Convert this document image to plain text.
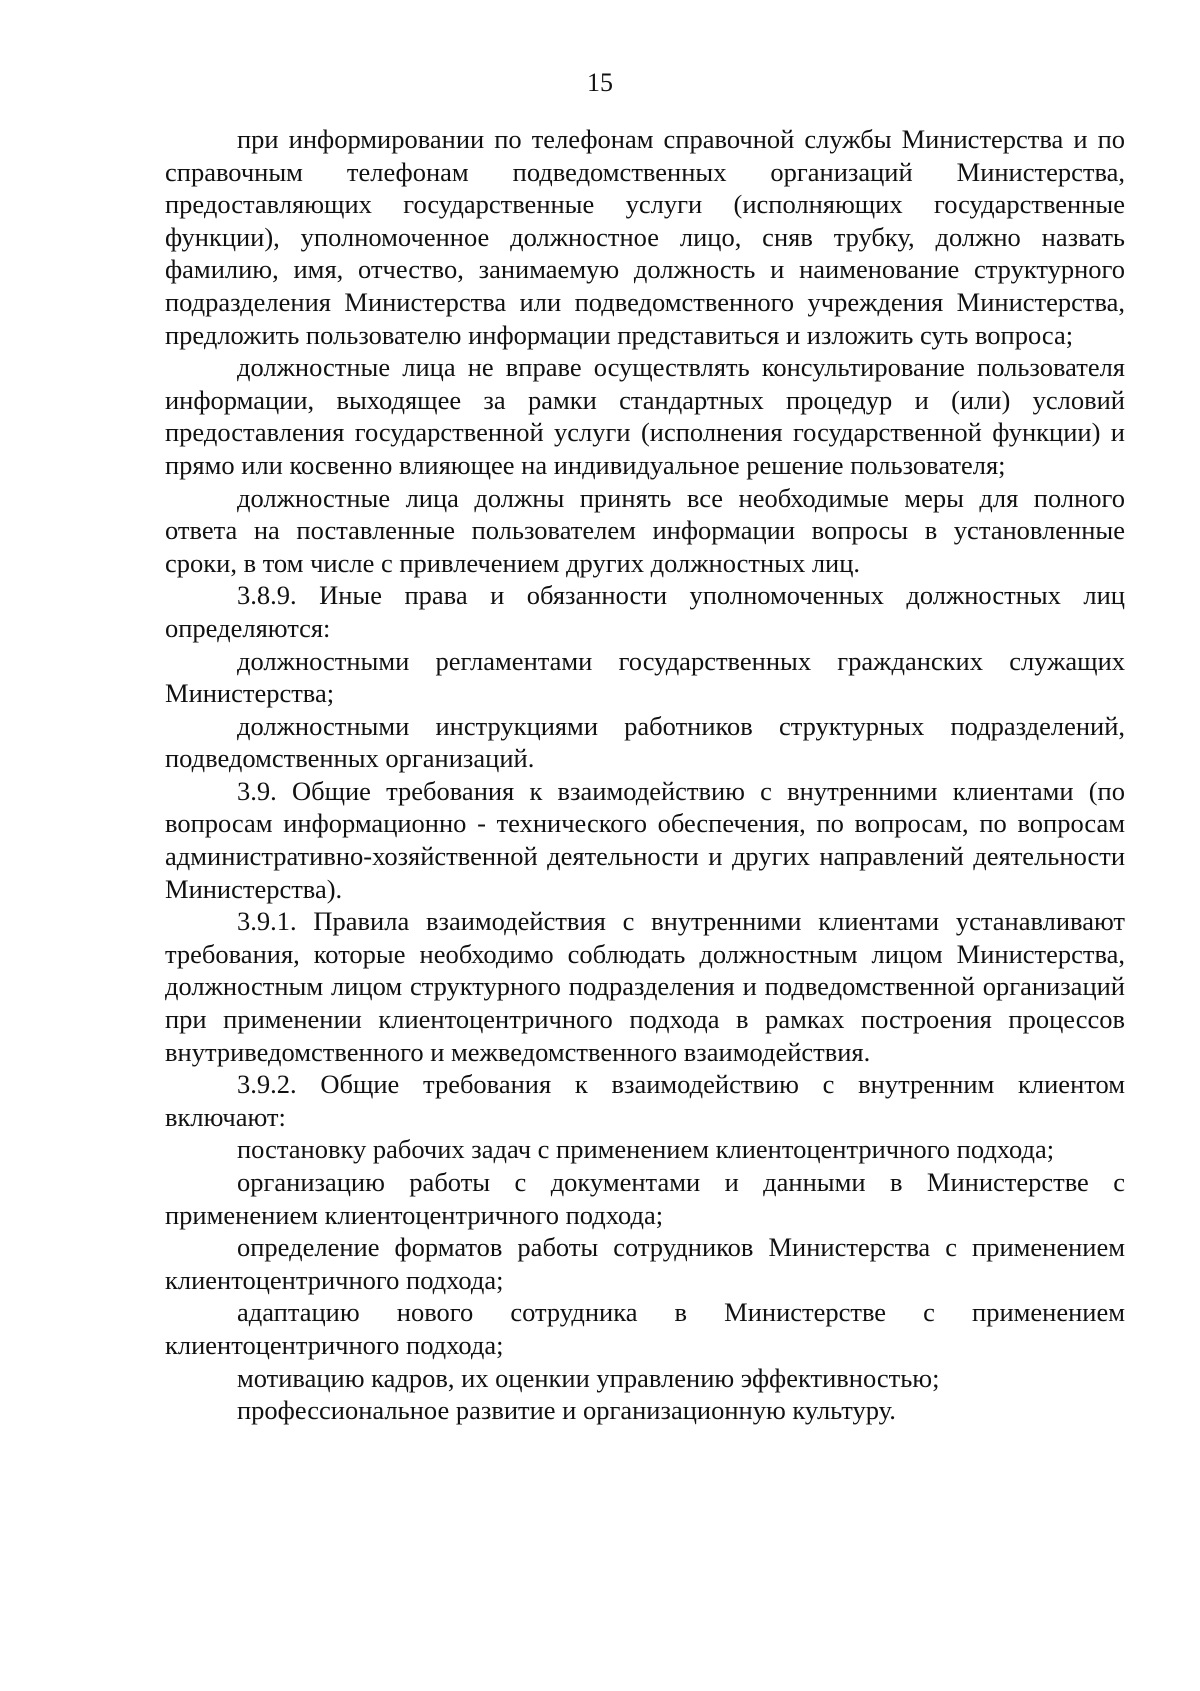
15

при информировании по телефонам справочной службы Министерства и по справочным телефонам подведомственных организаций Министерства, предоставляющих государственные услуги (исполняющих государственные функции), уполномоченное должностное лицо, сняв трубку, должно назвать фамилию, имя, отчество, занимаемую должность и наименование структурного подразделения Министерства или подведомственного учреждения Министерства, предложить пользователю информации представиться и изложить суть вопроса;

должностные лица не вправе осуществлять консультирование пользователя информации, выходящее за рамки стандартных процедур и (или) условий предоставления государственной услуги (исполнения государственной функции) и прямо или косвенно влияющее на индивидуальное решение пользователя;

должностные лица должны принять все необходимые меры для полного ответа на поставленные пользователем информации вопросы в установленные сроки, в том числе с привлечением других должностных лиц.

3.8.9. Иные права и обязанности уполномоченных должностных лиц определяются:

должностными регламентами государственных гражданских служащих Министерства;

должностными инструкциями работников структурных подразделений, подведомственных организаций.

3.9. Общие требования к взаимодействию с внутренними клиентами (по вопросам информационно - технического обеспечения, по вопросам, по вопросам административно-хозяйственной деятельности и других направлений деятельности Министерства).

3.9.1. Правила взаимодействия с внутренними клиентами устанавливают требования, которые необходимо соблюдать должностным лицом Министерства, должностным лицом структурного подразделения и подведомственной организаций при применении клиентоцентричного подхода в рамках построения процессов внутриведомственного и межведомственного взаимодействия.

3.9.2. Общие требования к взаимодействию с внутренним клиентом включают:

постановку рабочих задач с применением клиентоцентричного подхода;

организацию работы с документами и данными в Министерстве с применением клиентоцентричного подхода;

определение форматов работы сотрудников Министерства с применением клиентоцентричного подхода;

адаптацию нового сотрудника в Министерстве с применением клиентоцентричного подхода;

мотивацию кадров, их оценкии управлению эффективностью;

профессиональное развитие и организационную культуру.
